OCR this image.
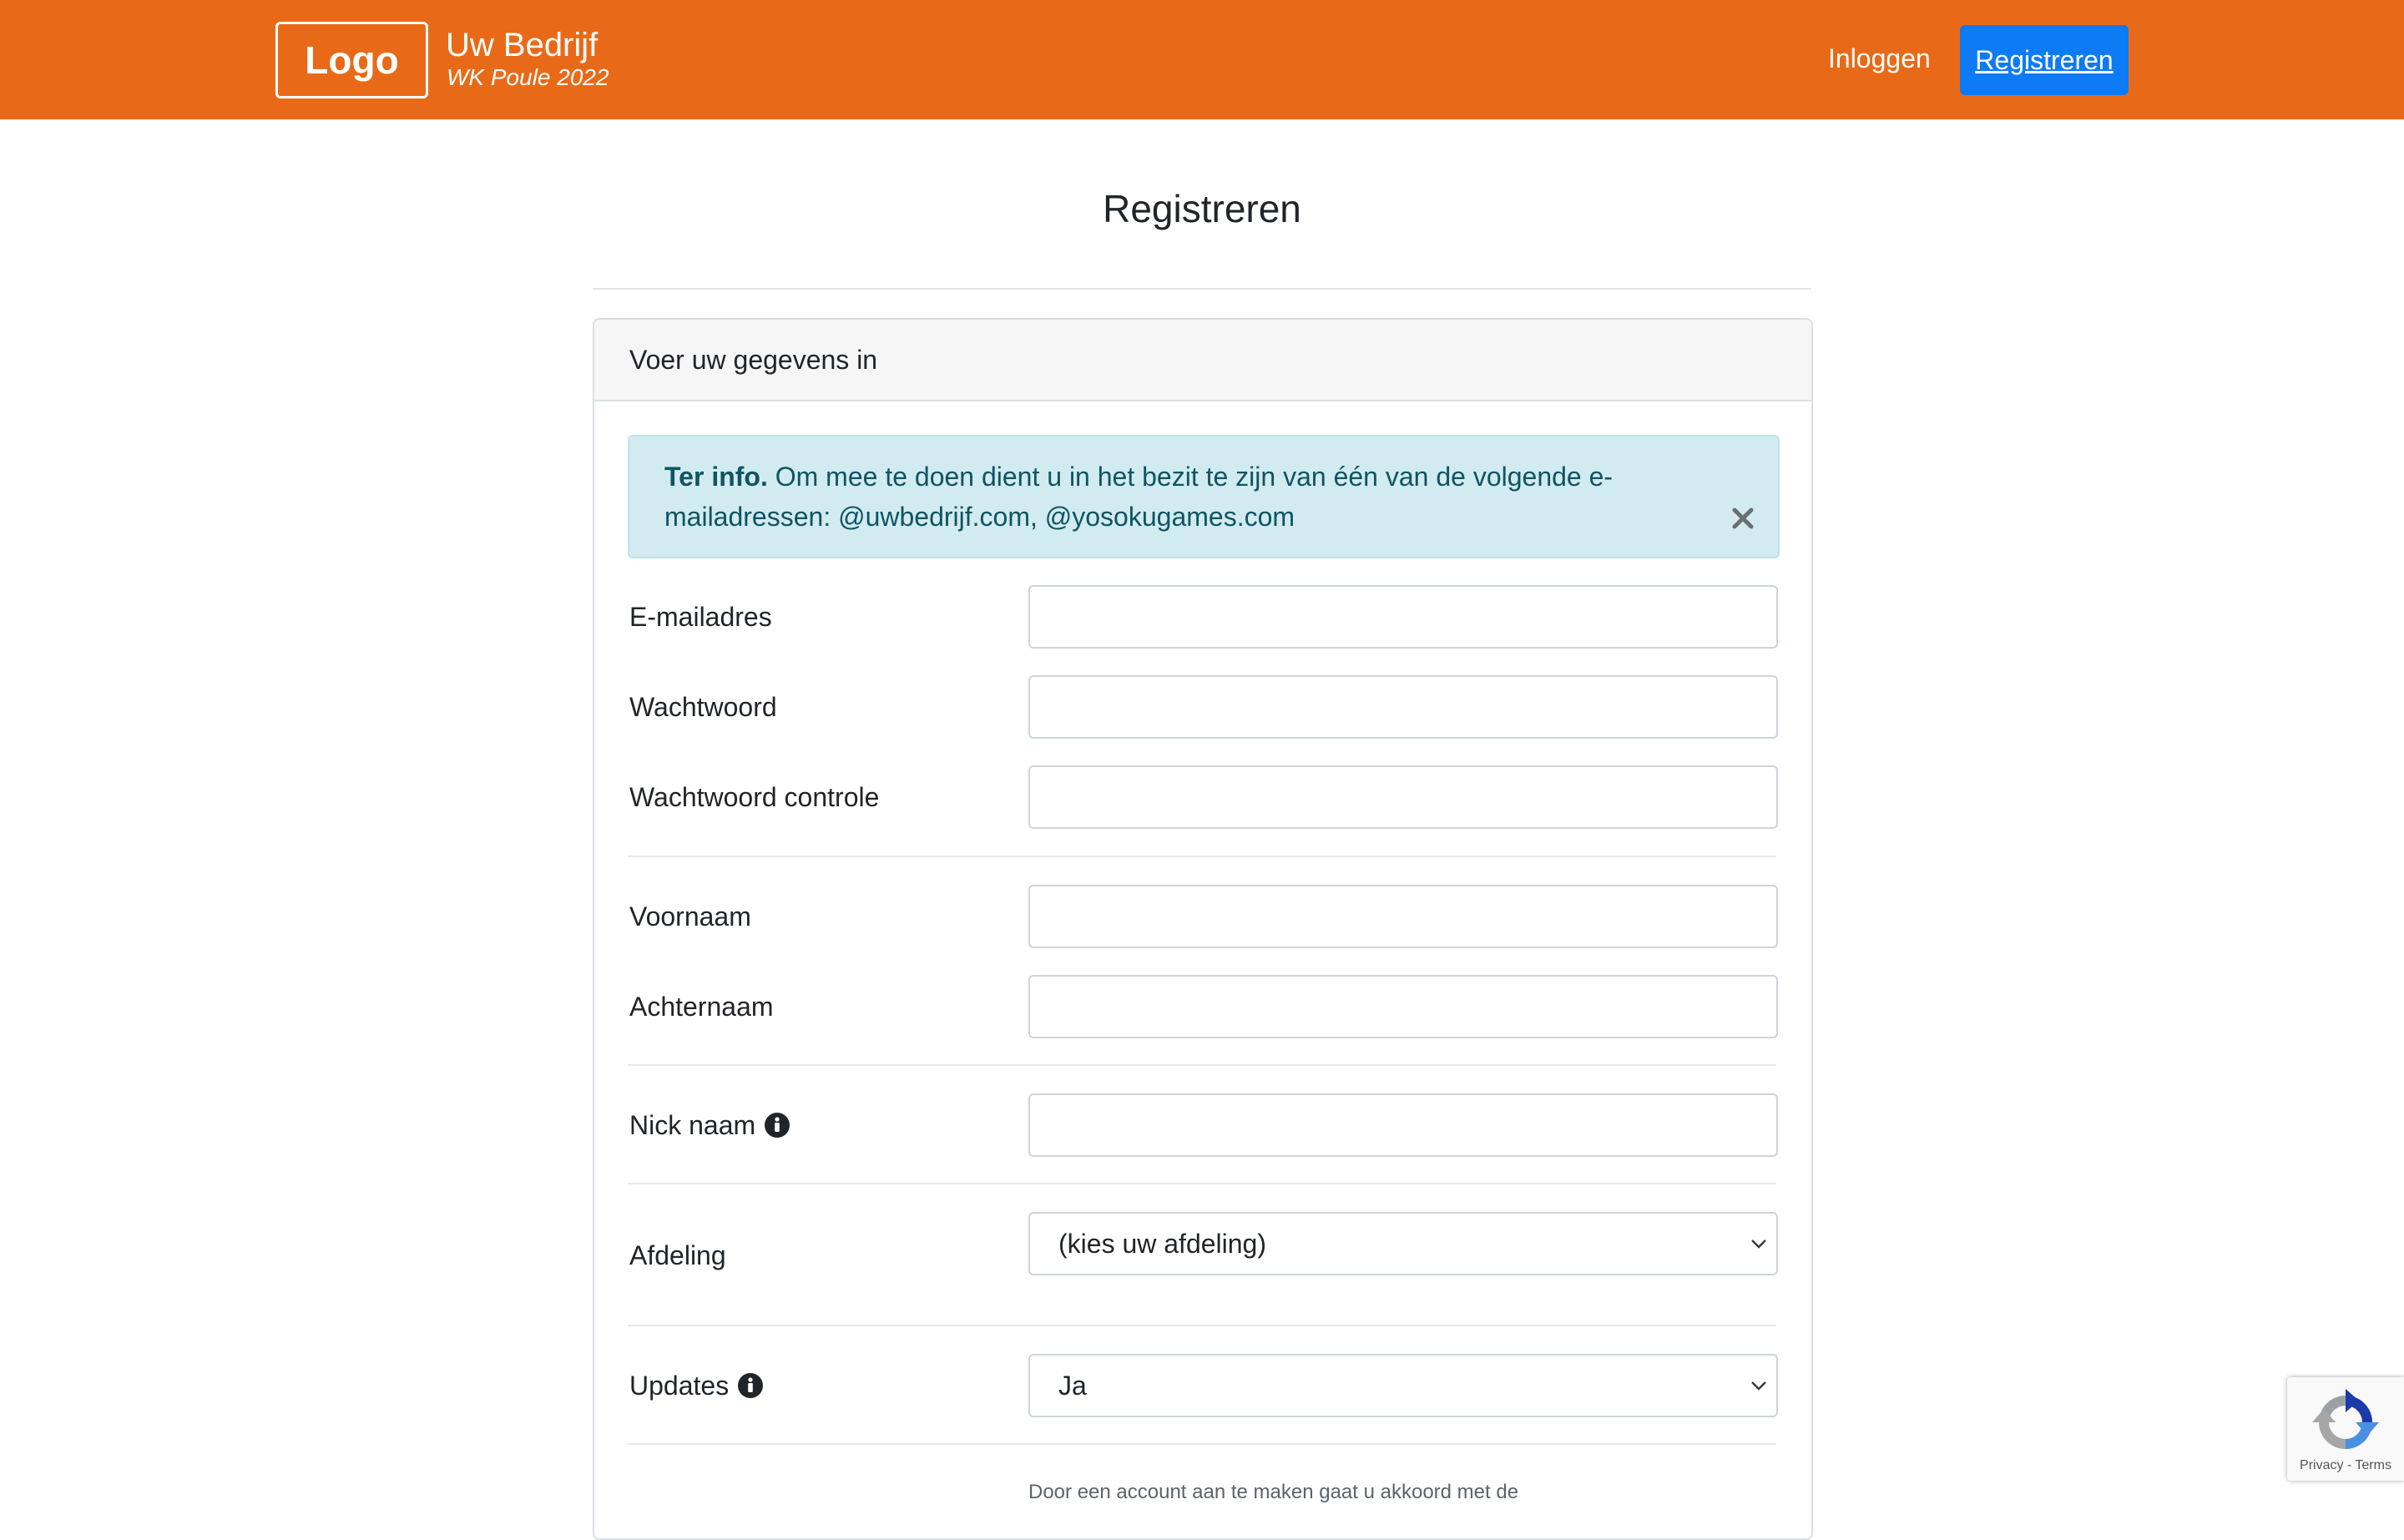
Logo	Uw Bedrijf
WK Poule 2022
Inloggen	Registreren
Registreren
Voer uw gegevens in
Ter info. Om mee te doen dient u in het bezit te zijn van één van de volgende e-mailadressen: @uwbedrijf.com, @yosokugames.com
E-mailadres
Wachtwoord
Wachtwoord controle
Voornaam
Achternaam
Nick naam
Afdeling	(kies uw afdeling)
Updates	Ja
Door een account aan te maken gaat u akkoord met de
Privacy - Terms
